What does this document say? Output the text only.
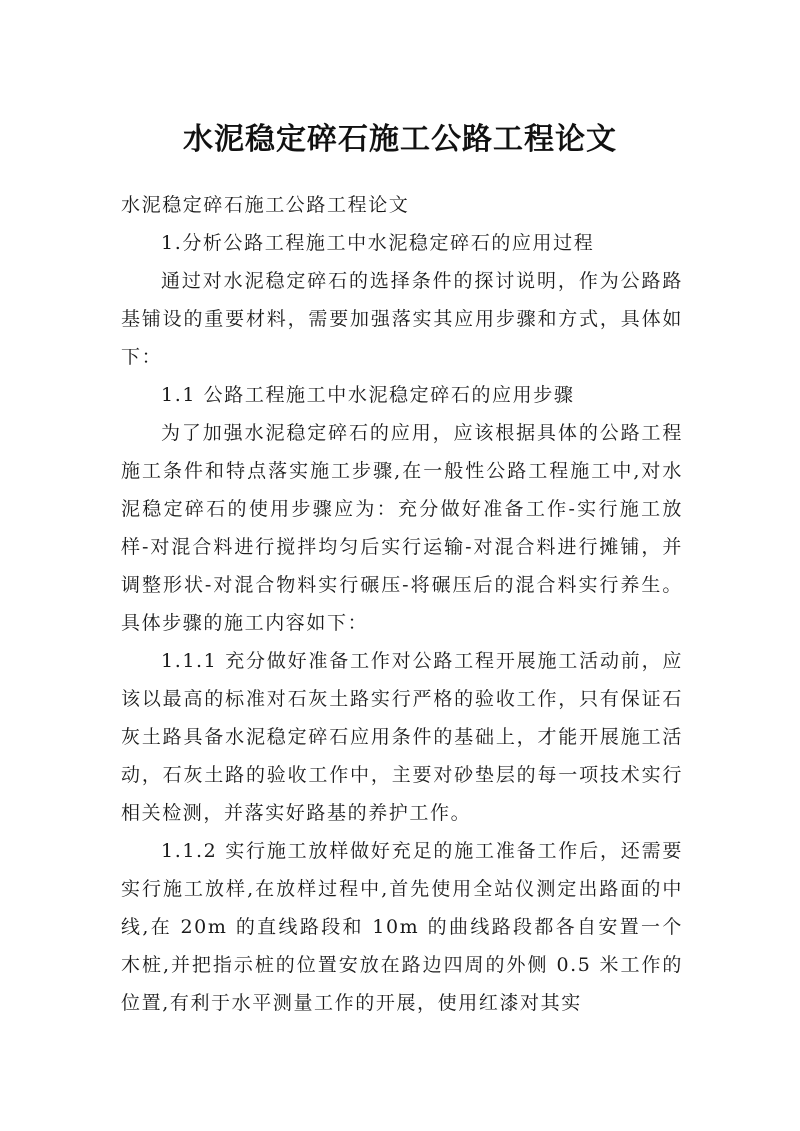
水泥稳定碎石施工公路工程论文

水泥稳定碎石施工公路工程论文

1.分析公路工程施工中水泥稳定碎石的应用过程

通过对水泥稳定碎石的选择条件的探讨说明，作为公路路基铺设的重要材料，需要加强落实其应用步骤和方式，具体如下：

1.1 公路工程施工中水泥稳定碎石的应用步骤

为了加强水泥稳定碎石的应用，应该根据具体的公路工程施工条件和特点落实施工步骤,在一般性公路工程施工中,对水泥稳定碎石的使用步骤应为：充分做好准备工作-实行施工放样-对混合料进行搅拌均匀后实行运输-对混合料进行摊铺，并调整形状-对混合物料实行碾压-将碾压后的混合料实行养生。具体步骤的施工内容如下：

1.1.1 充分做好准备工作对公路工程开展施工活动前，应该以最高的标准对石灰土路实行严格的验收工作，只有保证石灰土路具备水泥稳定碎石应用条件的基础上，才能开展施工活动，石灰土路的验收工作中，主要对砂垫层的每一项技术实行相关检测，并落实好路基的养护工作。

1.1.2 实行施工放样做好充足的施工准备工作后，还需要实行施工放样,在放样过程中,首先使用全站仪测定出路面的中线,在 20m 的直线路段和 10m 的曲线路段都各自安置一个木桩,并把指示桩的位置安放在路边四周的外侧 0.5 米工作的位置,有利于水平测量工作的开展，使用红漆对其实
